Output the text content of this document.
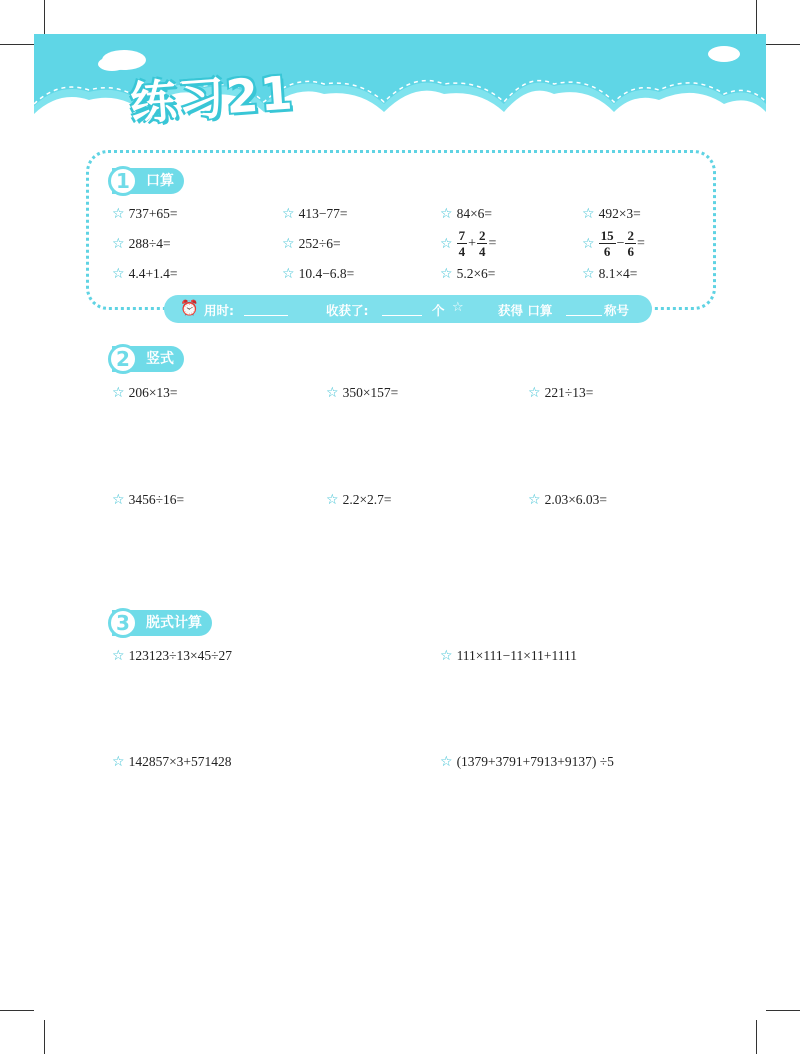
练习21
口算
1
☆ 737+65=	☆ 413−77=	☆ 84×6=	☆ 492×3=
☆ 288÷4=	☆ 252÷6=	☆ $\frac{7}{4} + \frac{2}{4}$ =	☆ $\frac{15}{6} - \frac{2}{6}$ =
☆ 4.4+1.4=	☆ 10.4−6.8=	☆ 5.2×6=	☆ 8.1×4=
⏰ 用时:	收获了:	个 ☆	获得 口算	称号
竖式
2
☆ 206×13=	☆ 350×157=	☆ 221÷13=
☆ 3456÷16=	☆ 2.2×2.7=	☆ 2.03×6.03=
脱式计算
3
☆ 123123÷13×45÷27	☆ 111×111−11×11+1111
☆ 142857×3+571428	☆ (1379+3791+7913+9137) ÷5
